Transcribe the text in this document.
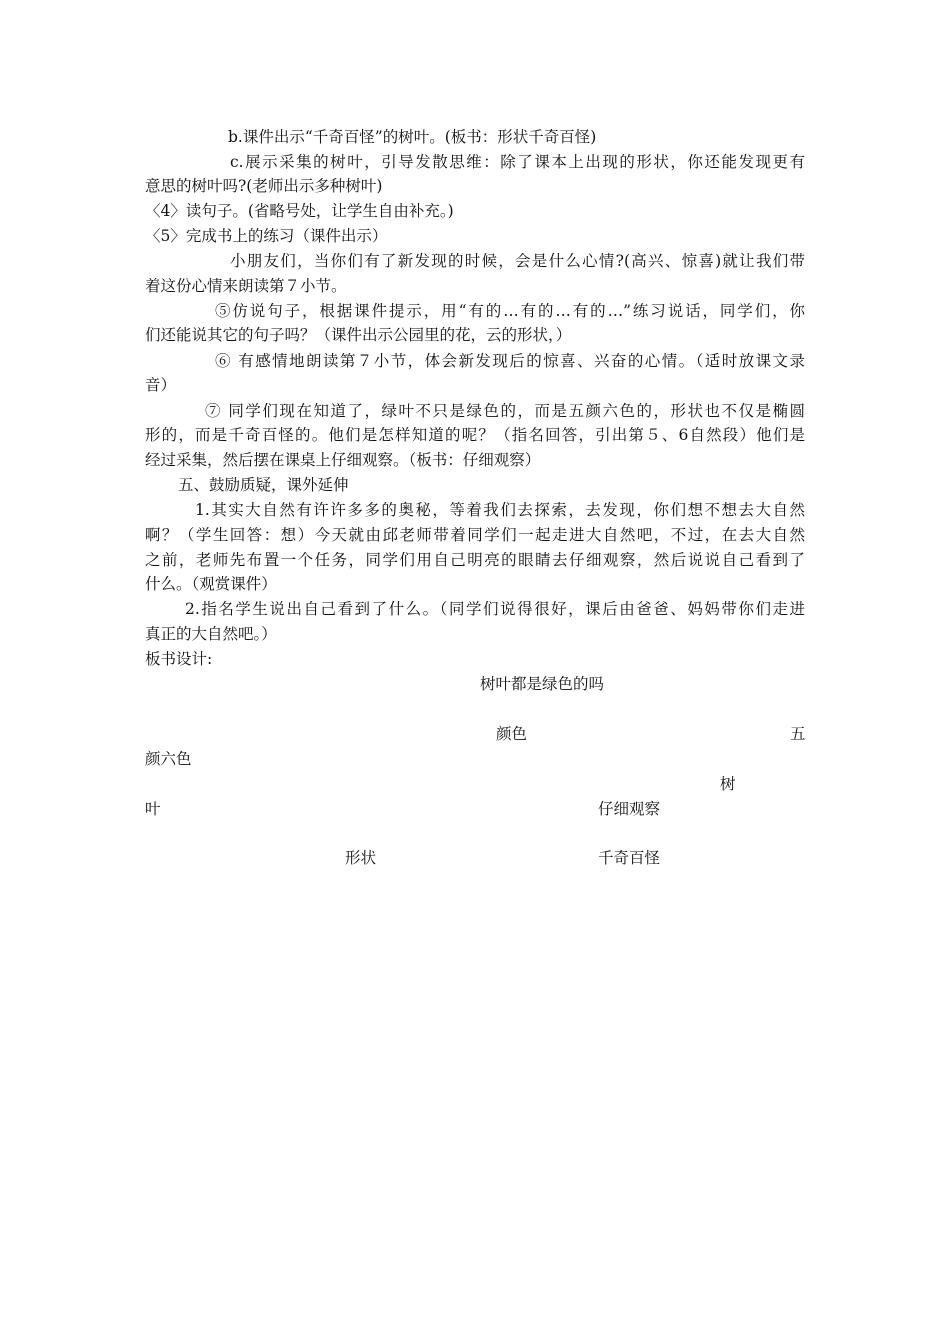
b.课件出示“千奇百怪”的树叶。(板书：形状千奇百怪)
c.展示采集的树叶，引导发散思维：除了课本上出现的形状，你还能发现更有
意思的树叶吗?(老师出示多种树叶)
〈4〉读句子。(省略号处，让学生自由补充。)
〈5〉完成书上的练习（课件出示）
小朋友们，当你们有了新发现的时候，会是什么心情?(高兴、惊喜)就让我们带
着这份心情来朗读第７小节。
⑤仿说句子，根据课件提示，用“有的…有的…有的…”练习说话，同学们，你
们还能说其它的句子吗？（课件出示公园里的花，云的形状，）
⑥ 有感情地朗读第７小节，体会新发现后的惊喜、兴奋的心情。（适时放课文录
音）
⑦ 同学们现在知道了，绿叶不只是绿色的，而是五颜六色的，形状也不仅是椭圆
形的，而是千奇百怪的。他们是怎样知道的呢？（指名回答，引出第５、6自然段）他们是
经过采集，然后摆在课桌上仔细观察。（板书：仔细观察）
五、鼓励质疑，课外延伸
1.其实大自然有许许多多的奥秘，等着我们去探索，去发现，你们想不想去大自然
啊？（学生回答：想）今天就由邱老师带着同学们一起走进大自然吧，不过，在去大自然
之前，老师先布置一个任务，同学们用自己明亮的眼睛去仔细观察，然后说说自己看到了
什么。（观赏课件）
2.指名学生说出自己看到了什么。（同学们说得很好，课后由爸爸、妈妈带你们走进
真正的大自然吧。）
板书设计:
树叶都是绿色的吗
颜色	五
颜六色
树
叶	仔细观察
形状	千奇百怪
